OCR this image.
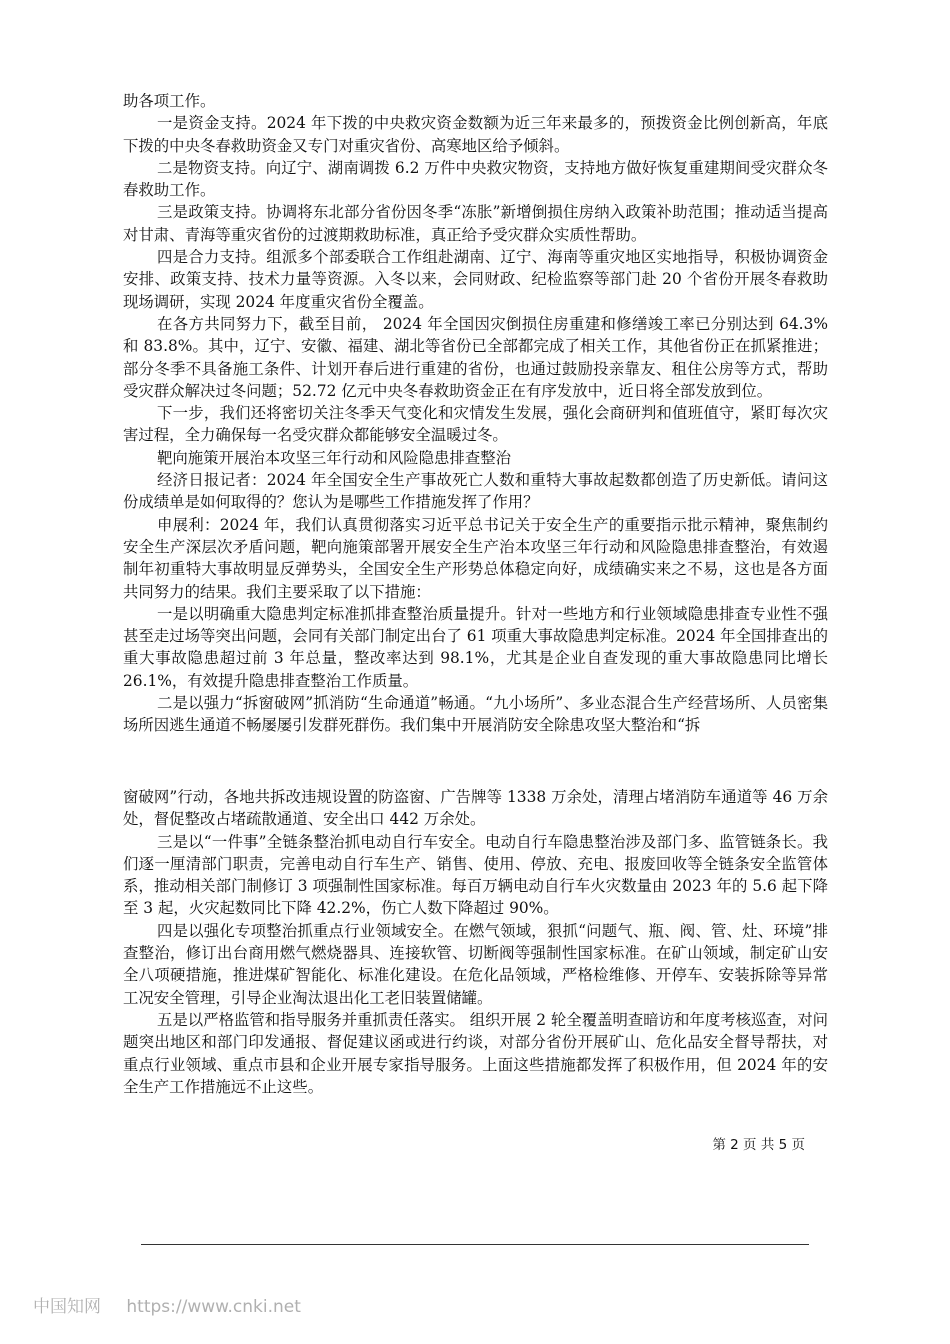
助各项工作。

一是资金支持。2024 年下拨的中央救灾资金数额为近三年来最多的，预拨资金比例创新高，年底下拨的中央冬春救助资金又专门对重灾省份、高寒地区给予倾斜。

二是物资支持。向辽宁、湖南调拨 6.2 万件中央救灾物资，支持地方做好恢复重建期间受灾群众冬春救助工作。

三是政策支持。协调将东北部分省份因冬季“冻胀”新增倒损住房纳入政策补助范围；推动适当提高对甘肃、青海等重灾省份的过渡期救助标准，真正给予受灾群众实质性帮助。

四是合力支持。组派多个部委联合工作组赴湖南、辽宁、海南等重灾地区实地指导，积极协调资金安排、政策支持、技术力量等资源。入冬以来，会同财政、纪检监察等部门赴 20 个省份开展冬春救助现场调研，实现 2024 年度重灾省份全覆盖。

在各方共同努力下，截至目前， 2024 年全国因灾倒损住房重建和修缮竣工率已分别达到 64.3%和 83.8%。其中，辽宁、安徽、福建、湖北等省份已全部都完成了相关工作，其他省份正在抓紧推进；部分冬季不具备施工条件、计划开春后进行重建的省份，也通过鼓励投亲靠友、租住公房等方式，帮助受灾群众解决过冬问题；52.72 亿元中央冬春救助资金正在有序发放中，近日将全部发放到位。

下一步，我们还将密切关注冬季天气变化和灾情发生发展，强化会商研判和值班值守，紧盯每次灾害过程，全力确保每一名受灾群众都能够安全温暖过冬。

靶向施策开展治本攻坚三年行动和风险隐患排查整治

经济日报记者：2024 年全国安全生产事故死亡人数和重特大事故起数都创造了历史新低。请问这份成绩单是如何取得的？您认为是哪些工作措施发挥了作用？

申展利：2024 年，我们认真贯彻落实习近平总书记关于安全生产的重要指示批示精神，聚焦制约安全生产深层次矛盾问题，靶向施策部署开展安全生产治本攻坚三年行动和风险隐患排查整治，有效遏制年初重特大事故明显反弹势头，全国安全生产形势总体稳定向好，成绩确实来之不易，这也是各方面共同努力的结果。我们主要采取了以下措施：

一是以明确重大隐患判定标准抓排查整治质量提升。针对一些地方和行业领域隐患排查专业性不强甚至走过场等突出问题，会同有关部门制定出台了 61 项重大事故隐患判定标准。2024 年全国排查出的重大事故隐患超过前 3 年总量，整改率达到 98.1%，尤其是企业自查发现的重大事故隐患同比增长 26.1%，有效提升隐患排查整治工作质量。

二是以强力“拆窗破网”抓消防“生命通道”畅通。“九小场所”、多业态混合生产经营场所、人员密集场所因逃生通道不畅屡屡引发群死群伤。我们集中开展消防安全除患攻坚大整治和“拆

窗破网”行动，各地共拆改违规设置的防盗窗、广告牌等 1338 万余处，清理占堵消防车通道等 46 万余处，督促整改占堵疏散通道、安全出口 442 万余处。

三是以“一件事”全链条整治抓电动自行车安全。电动自行车隐患整治涉及部门多、监管链条长。我们逐一厘清部门职责，完善电动自行车生产、销售、使用、停放、充电、报废回收等全链条安全监管体系，推动相关部门制修订 3 项强制性国家标准。每百万辆电动自行车火灾数量由 2023 年的 5.6 起下降至 3 起，火灾起数同比下降 42.2%，伤亡人数下降超过 90%。

四是以强化专项整治抓重点行业领域安全。在燃气领域，狠抓“问题气、瓶、阀、管、灶、环境”排查整治，修订出台商用燃气燃烧器具、连接软管、切断阀等强制性国家标准。在矿山领域，制定矿山安全八项硬措施，推进煤矿智能化、标准化建设。在危化品领域，严格检维修、开停车、安装拆除等异常工况安全管理，引导企业淘汰退出化工老旧装置储罐。

五是以严格监管和指导服务并重抓责任落实。 组织开展 2 轮全覆盖明查暗访和年度考核巡查，对问题突出地区和部门印发通报、督促建议函或进行约谈，对部分省份开展矿山、危化品安全督导帮扶，对重点行业领域、重点市县和企业开展专家指导服务。上面这些措施都发挥了积极作用，但 2024 年的安全生产工作措施远不止这些。

第 2 页 共 5 页
中国知网 https://www.cnki.net
